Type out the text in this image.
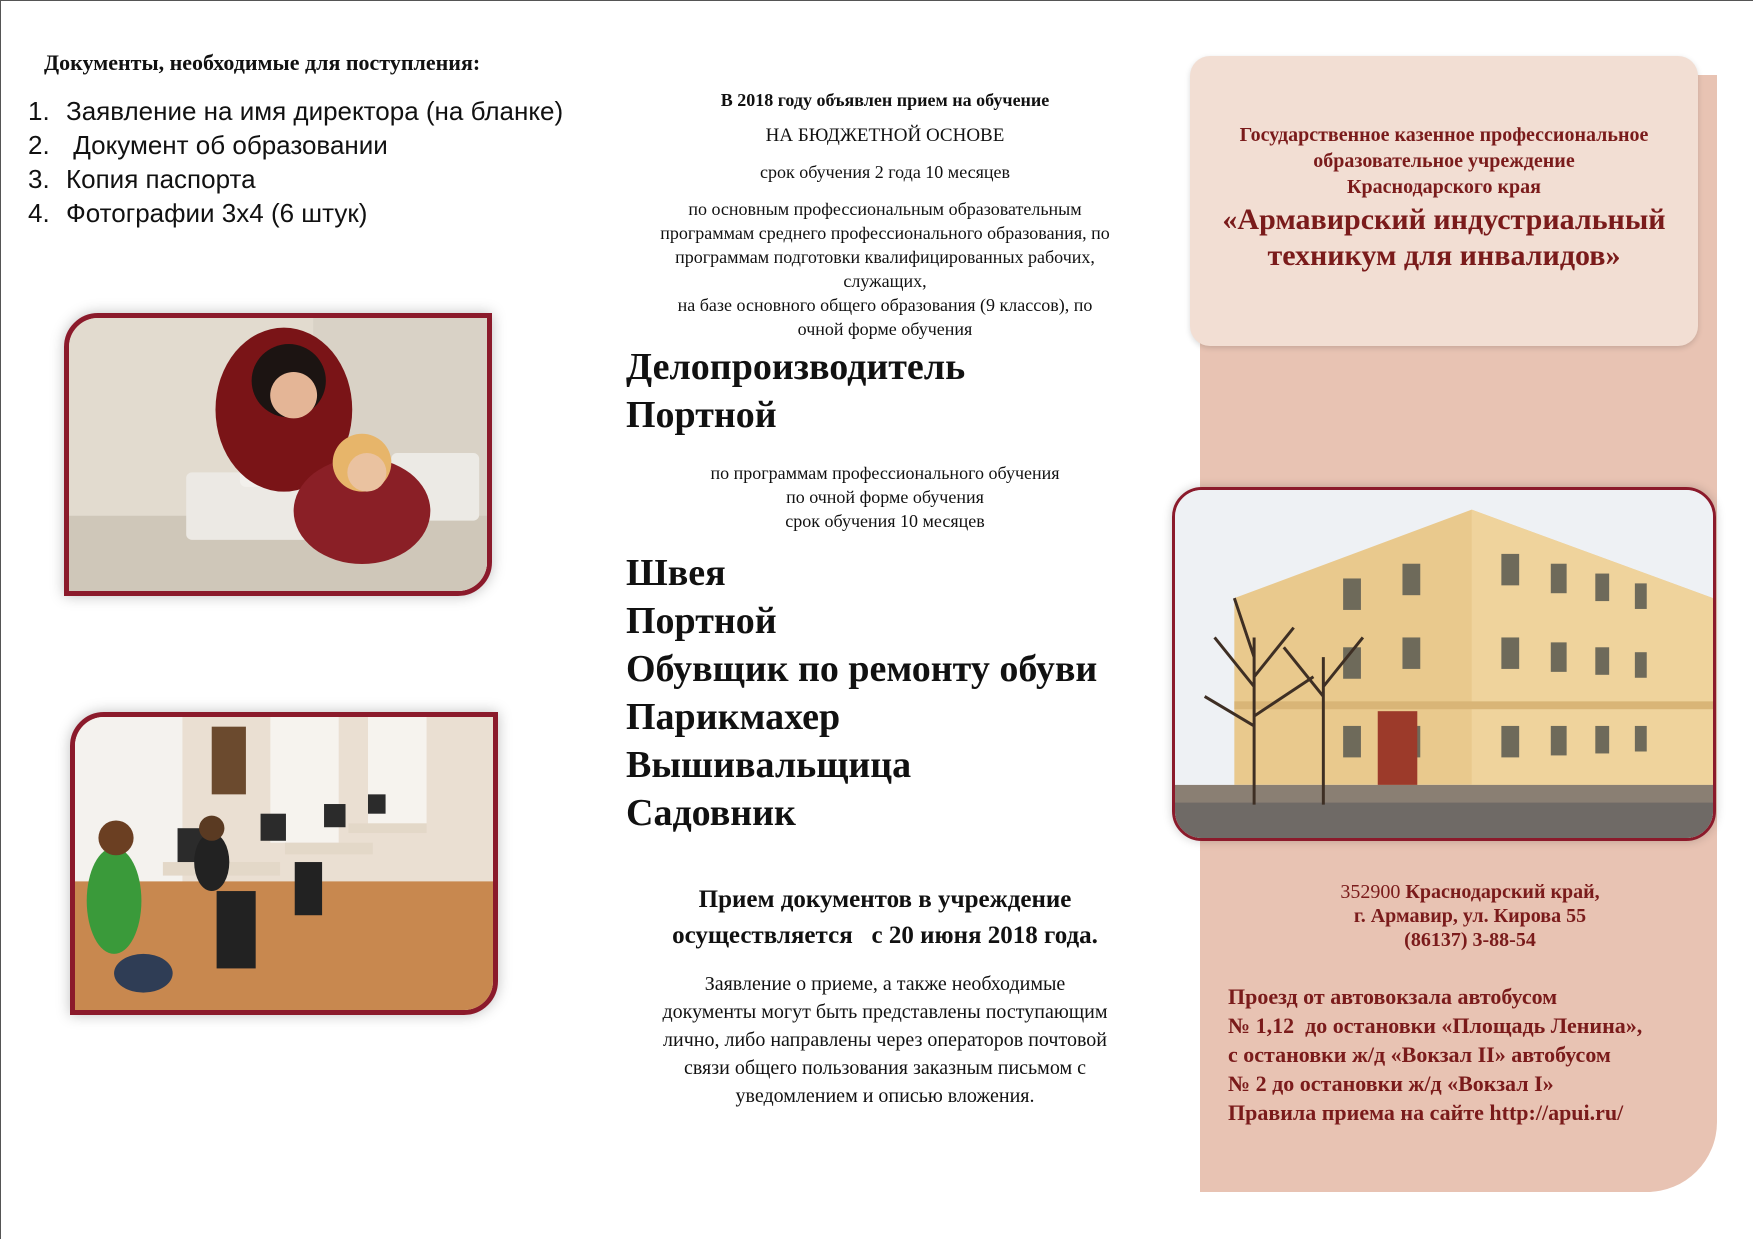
Документы, необходимые для поступления:
1. Заявление на имя директора (на бланке)
2. Документ об образовании
3. Копия паспорта
4. Фотографии 3x4 (6 штук)
В 2018 году объявлен прием на обучение
НА БЮДЖЕТНОЙ ОСНОВЕ
срок обучения 2 года 10 месяцев
по основным профессиональным образовательным
программам среднего профессионального образования, по
программам подготовки квалифицированных рабочих,
служащих,
на базе основного общего образования (9 классов), по
очной форме обучения
Делопроизводитель
Портной
по программам профессионального обучения
по очной форме обучения
срок обучения 10 месяцев
Швея
Портной
Обувщик по ремонту обуви
Парикмахер
Вышивальщица
Садовник
Прием документов в учреждение
осуществляется   с 20 июня 2018 года.
Заявление о приеме, а также необходимые
документы могут быть представлены поступающим
лично, либо направлены через операторов почтовой
связи общего пользования заказным письмом с
уведомлением и описью вложения.
Государственное казенное профессиональное
образовательное учреждение
Краснодарского края
«Армавирский индустриальный
техникум для инвалидов»
352900 Краснодарский край,
г. Армавир, ул. Кирова 55
(86137) 3-88-54
Проезд от автовокзала автобусом
№ 1,12  до остановки «Площадь Ленина»,
с остановки ж/д «Вокзал II» автобусом
№ 2 до остановки ж/д «Вокзал I»
Правила приема на сайте http://apui.ru/
